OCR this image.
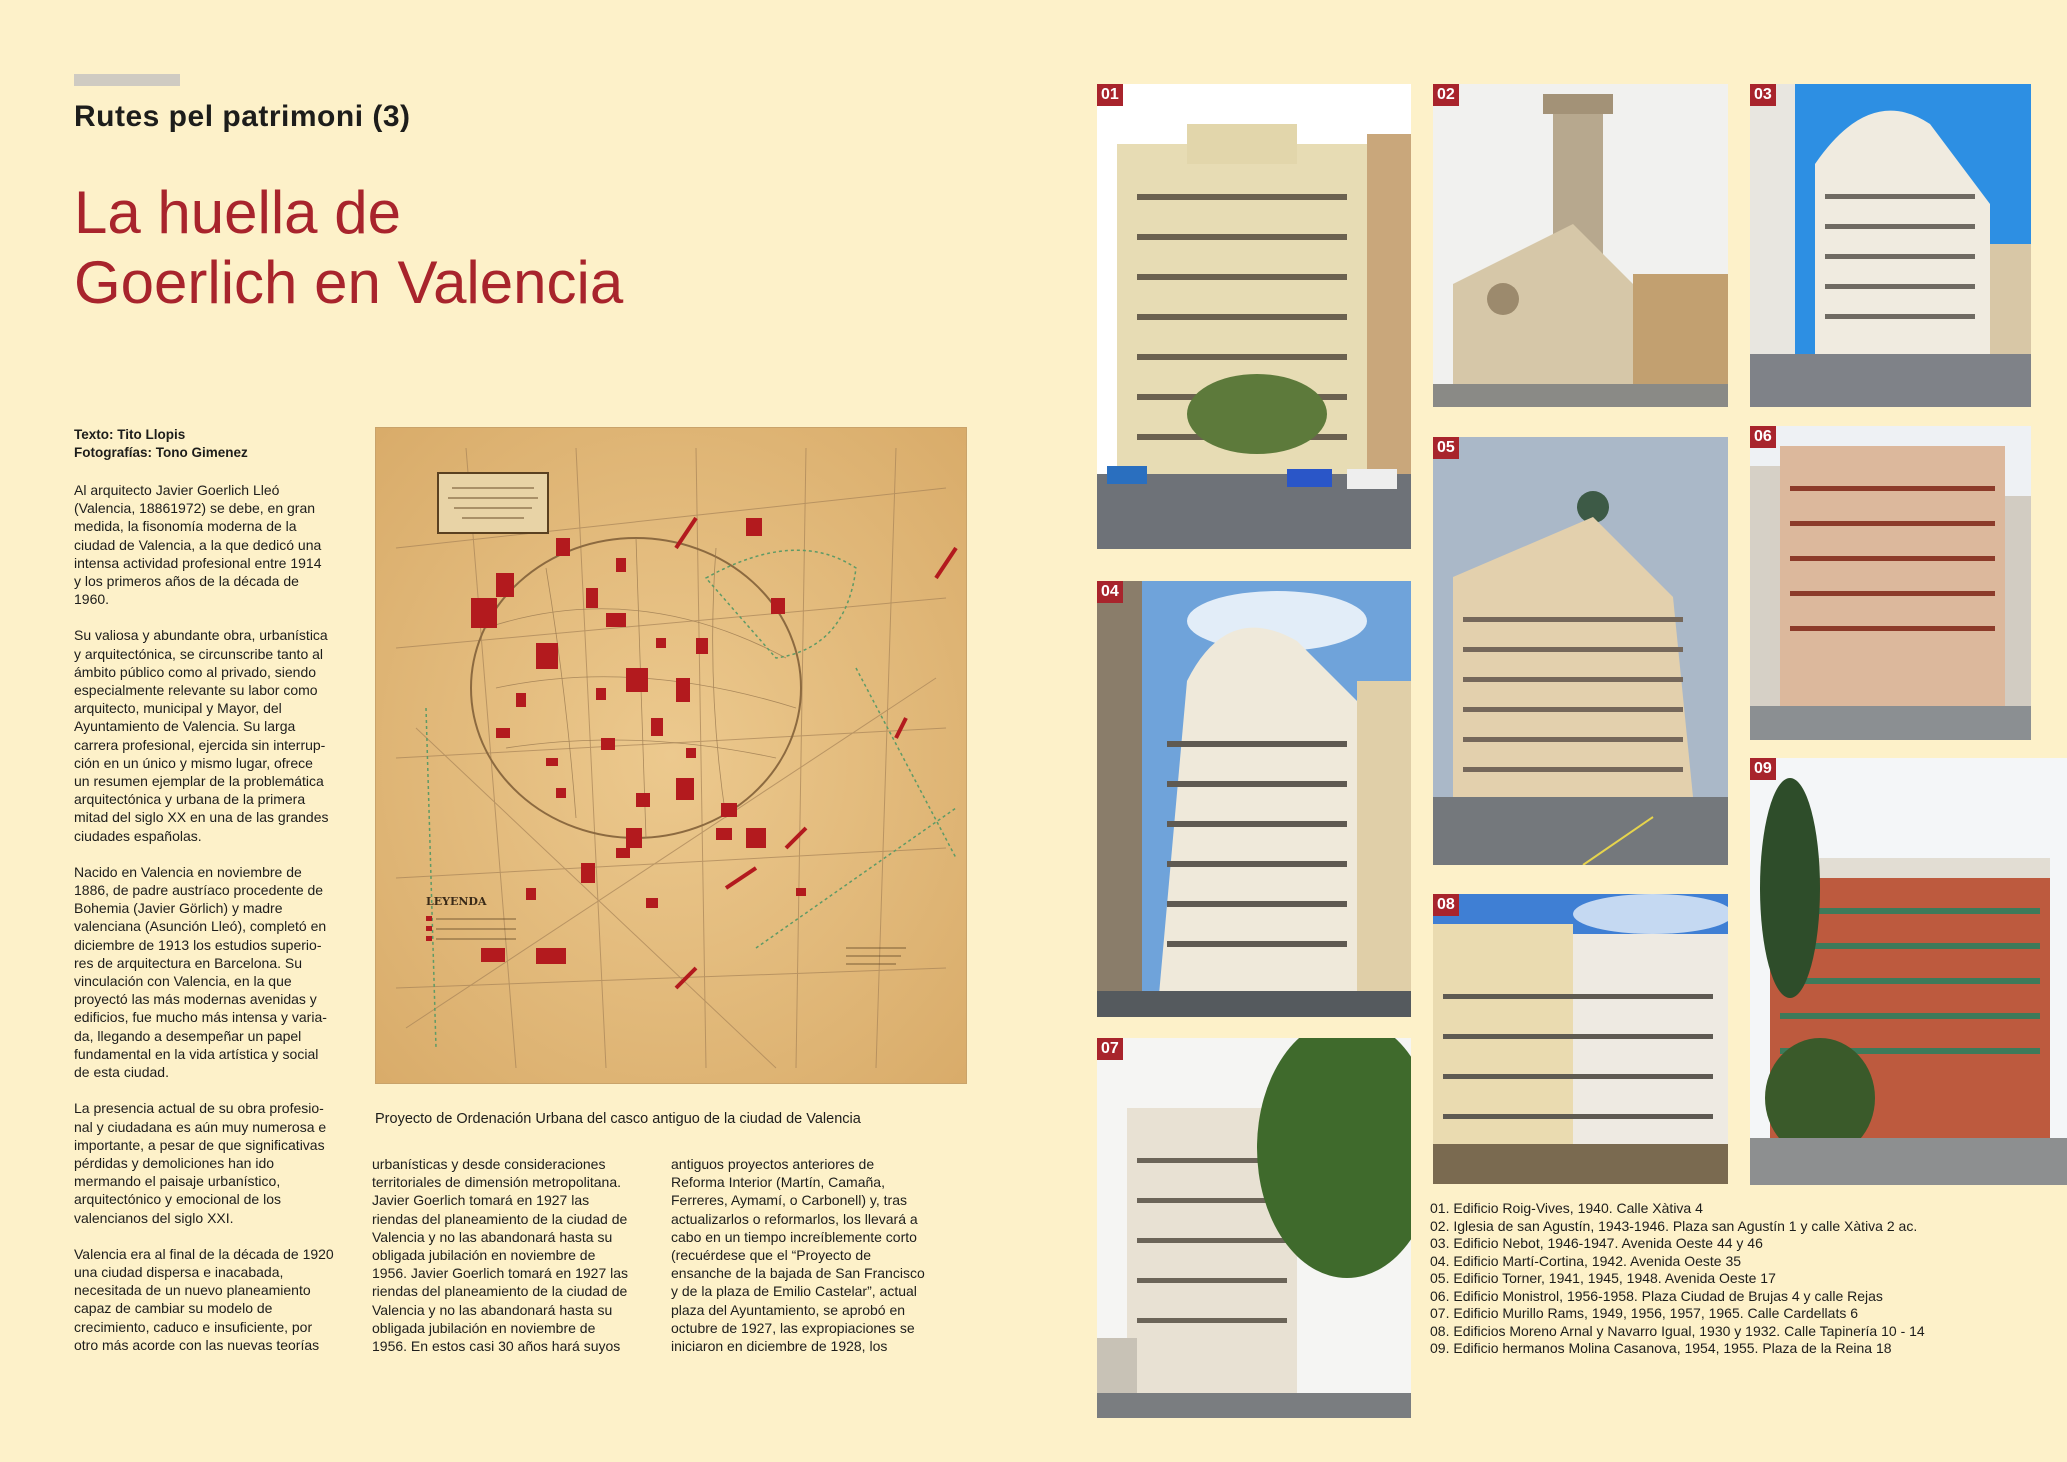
Rutes pel patrimoni (3)
La huella de
Goerlich en Valencia
Texto: Tito Llopis
Fotografías: Tono Gimenez

Al arquitecto Javier Goerlich Lleó
(Valencia, 18861972) se debe, en gran
medida, la fisonomía moderna de la
ciudad de Valencia, a la que dedicó una
intensa actividad profesional entre 1914
y los primeros años de la década de
1960.

Su valiosa y abundante obra, urbanística
y arquitectónica, se circunscribe tanto al
ámbito público como al privado, siendo
especialmente relevante su labor como
arquitecto, municipal y Mayor, del
Ayuntamiento de Valencia. Su larga
carrera profesional, ejercida sin interrup-
ción en un único y mismo lugar, ofrece
un resumen ejemplar de la problemática
arquitectónica y urbana de la primera
mitad del siglo XX en una de las grandes
ciudades españolas.

Nacido en Valencia en noviembre de
1886, de padre austríaco procedente de
Bohemia (Javier Görlich) y madre
valenciana (Asunción Lleó), completó en
diciembre de 1913 los estudios superio-
res de arquitectura en Barcelona. Su
vinculación con Valencia, en la que
proyectó las más modernas avenidas y
edificios, fue mucho más intensa y varia-
da, llegando a desempeñar un papel
fundamental en la vida artística y social
de esta ciudad.

La presencia actual de su obra profesio-
nal y ciudadana es aún muy numerosa e
importante, a pesar de que significativas
pérdidas y demoliciones han ido
mermando el paisaje urbanístico,
arquitectónico y emocional de los
valencianos del siglo XXI.

Valencia era al final de la década de 1920
una ciudad dispersa e inacabada,
necesitada de un nuevo planeamiento
capaz de cambiar su modelo de
crecimiento, caduco e insuficiente, por
otro más acorde con las nuevas teorías

LEYENDA
Proyecto de Ordenación Urbana del casco antiguo de la ciudad de Valencia

urbanísticas y desde consideraciones
territoriales de dimensión metropolitana.
Javier Goerlich tomará en 1927 las
riendas del planeamiento de la ciudad de
Valencia y no las abandonará hasta su
obligada jubilación en noviembre de
1956. Javier Goerlich tomará en 1927 las
riendas del planeamiento de la ciudad de
Valencia y no las abandonará hasta su
obligada jubilación en noviembre de
1956. En estos casi 30 años hará suyos

antiguos proyectos anteriores de
Reforma Interior (Martín, Camaña,
Ferreres, Aymamí, o Carbonell) y, tras
actualizarlos o reformarlos, los llevará a
cabo en un tiempo increíblemente corto
(recuérdese que el “Proyecto de
ensanche de la bajada de San Francisco
y de la plaza de Emilio Castelar”, actual
plaza del Ayuntamiento, se aprobó en
octubre de 1927, las expropiaciones se
iniciaron en diciembre de 1928, los

01	02	03
04
05
06
07
08
09
01. Edificio Roig-Vives, 1940. Calle Xàtiva 4
02. Iglesia de san Agustín, 1943-1946. Plaza san Agustín 1 y calle Xàtiva 2 ac.
03. Edificio Nebot, 1946-1947. Avenida Oeste 44 y 46
04. Edificio Martí-Cortina, 1942. Avenida Oeste 35
05. Edificio Torner, 1941, 1945, 1948. Avenida Oeste 17
06. Edificio Monistrol, 1956-1958. Plaza Ciudad de Brujas 4 y calle Rejas
07. Edificio Murillo Rams, 1949, 1956, 1957, 1965. Calle Cardellats 6
08. Edificios Moreno Arnal y Navarro Igual, 1930 y 1932. Calle Tapinería 10 - 14
09. Edificio hermanos Molina Casanova, 1954, 1955. Plaza de la Reina 18
